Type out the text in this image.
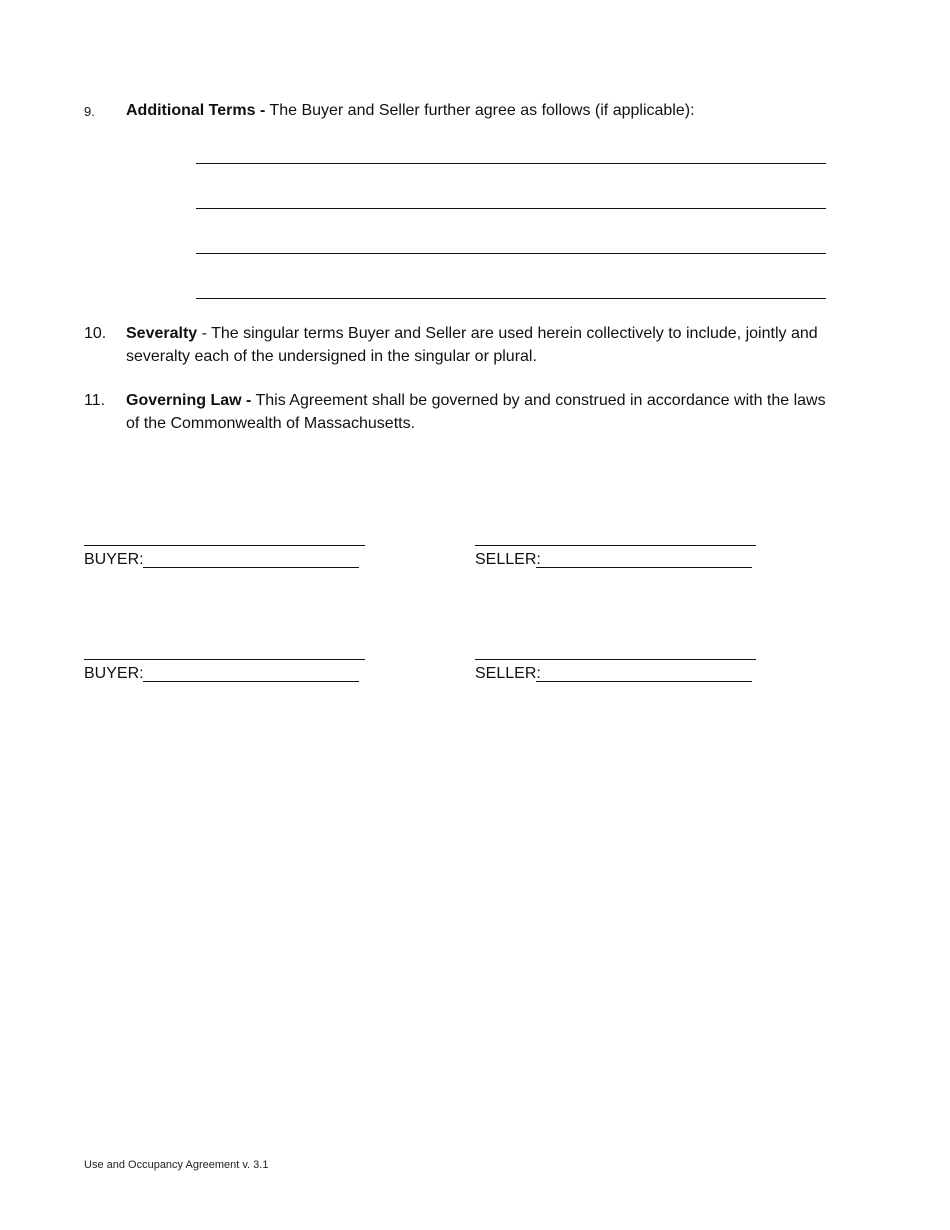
9. Additional Terms - The Buyer and Seller further agree as follows (if applicable):
10. Severalty - The singular terms Buyer and Seller are used herein collectively to include, jointly and
severalty each of the undersigned in the singular or plural.
11. Governing Law - This Agreement shall be governed by and construed in accordance with the laws
of the Commonwealth of Massachusetts.
BUYER:	SELLER:
BUYER:	SELLER:
Use and Occupancy Agreement v. 3.1
